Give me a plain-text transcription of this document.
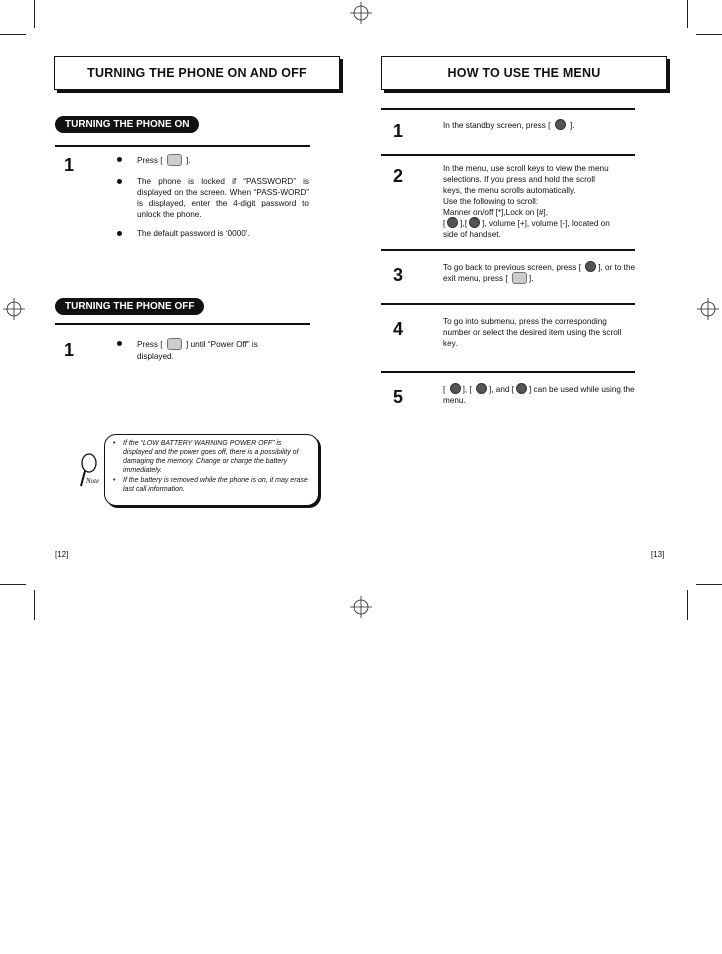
TURNING THE PHONE ON AND OFF
TURNING THE PHONE ON
1	Press [	].
The phone is locked if “PASSWORD” is displayed on the screen. When “PASS-WORD” is displayed, enter the 4-digit password to unlock the phone.
The default password is ‘0000’.
TURNING THE PHONE OFF
1	Press [	] until “Power Off” is displayed.
Note
• If the “LOW BATTERY WARNING POWER OFF” is displayed and the power goes off, there is a possibility of damaging the memory. Change or charge the battery immediately.
• If the battery is removed while the phone is on, it may erase last call information.
[12]
HOW TO USE THE MENU
1	In the standby screen, press [ ].
2	In the menu, use scroll keys to view the menu
selections. If you press and hold the scroll
keys, the menu scrolls automatically.
Use the following to scroll:
Manner on/off [*],Lock on [#],
[ ],[ ], volume [+], volume [-], located on
side of handset.
3	To go back to previous screen, press [ ], or to the exit menu, press [	].
4	To go into submenu, press the corresponding number or select the desired item using the scroll key.
5	[ ], [ ], and [ ] can be used while using the menu.
[13]
